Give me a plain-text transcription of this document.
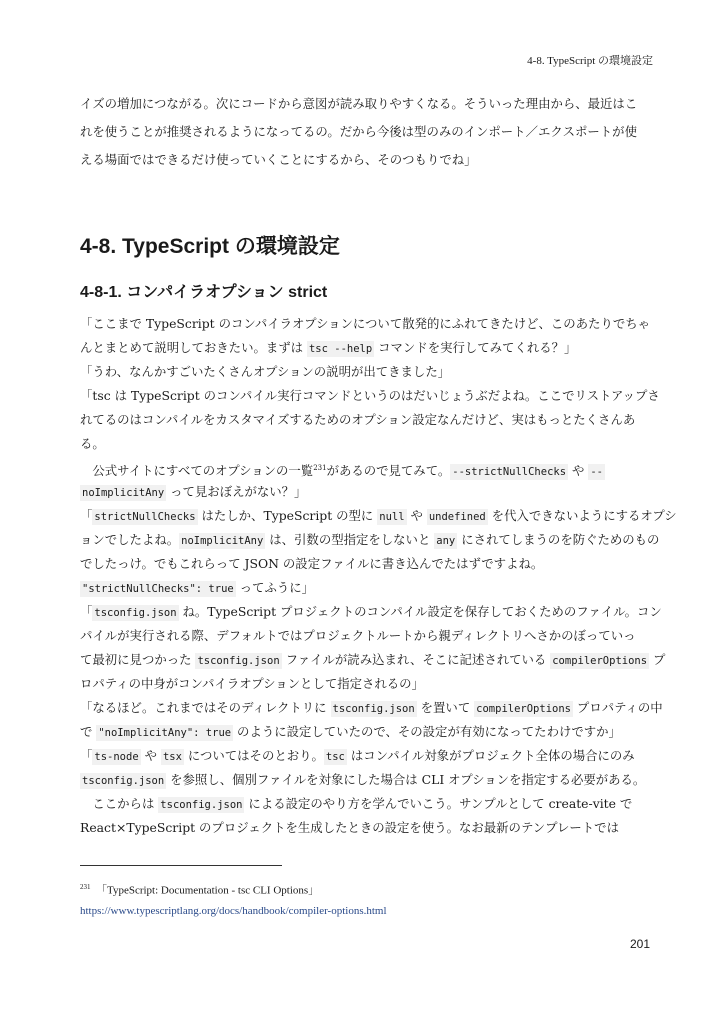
4-8. TypeScript の環境設定
イズの増加につながる。次にコードから意図が読み取りやすくなる。そういった理由から、最近はこ
れを使うことが推奨されるようになってるの。だから今後は型のみのインポート／エクスポートが使
える場面ではできるだけ使っていくことにするから、そのつもりでね」
4-8. TypeScript の環境設定
4-8-1. コンパイラオプション strict
「ここまで TypeScript のコンパイラオプションについて散発的にふれてきたけど、このあたりでちゃ
んとまとめて説明しておきたい。まずは tsc --help コマンドを実行してみてくれる？」
「うわ、なんかすごいたくさんオプションの説明が出てきました」
「tsc は TypeScript のコンパイル実行コマンドというのはだいじょうぶだよね。ここでリストアップさ
れてるのはコンパイルをカスタマイズするためのオプション設定なんだけど、実はもっとたくさんあ
る。
　公式サイトにすべてのオプションの一覧$^{231}$があるので見てみて。 --strictNullChecks や --
noImplicitAny って見おぼえがない？」
「 strictNullChecks はたしか、TypeScript の型に null や undefined を代入できないようにするオプシ
ョンでしたよね。 noImplicitAny は、引数の型指定をしないと any にされてしまうのを防ぐためのもの
でしたっけ。でもこれらって JSON の設定ファイルに書き込んでたはずですよね。
"strictNullChecks": true ってふうに」
「 tsconfig.json ね。TypeScript プロジェクトのコンパイル設定を保存しておくためのファイル。コン
パイルが実行される際、デフォルトではプロジェクトルートから親ディレクトリへさかのぼっていっ
て最初に見つかった tsconfig.json ファイルが読み込まれ、そこに記述されている compilerOptions プ
ロパティの中身がコンパイラオプションとして指定されるの」
「なるほど。これまではそのディレクトリに tsconfig.json を置いて compilerOptions プロパティの中
で "noImplicitAny": true のように設定していたので、その設定が有効になってたわけですか」
「 ts-node や tsx についてはそのとおり。 tsc はコンパイル対象がプロジェクト全体の場合にのみ
tsconfig.json を参照し、個別ファイルを対象にした場合は CLI オプションを指定する必要がある。
　ここからは tsconfig.json による設定のやり方を学んでいこう。サンプルとして create-vite で
React×TypeScript のプロジェクトを生成したときの設定を使う。なお最新のテンプレートでは
$^{231}$ 「TypeScript: Documentation - tsc CLI Options」
https://www.typescriptlang.org/docs/handbook/compiler-options.html
201
